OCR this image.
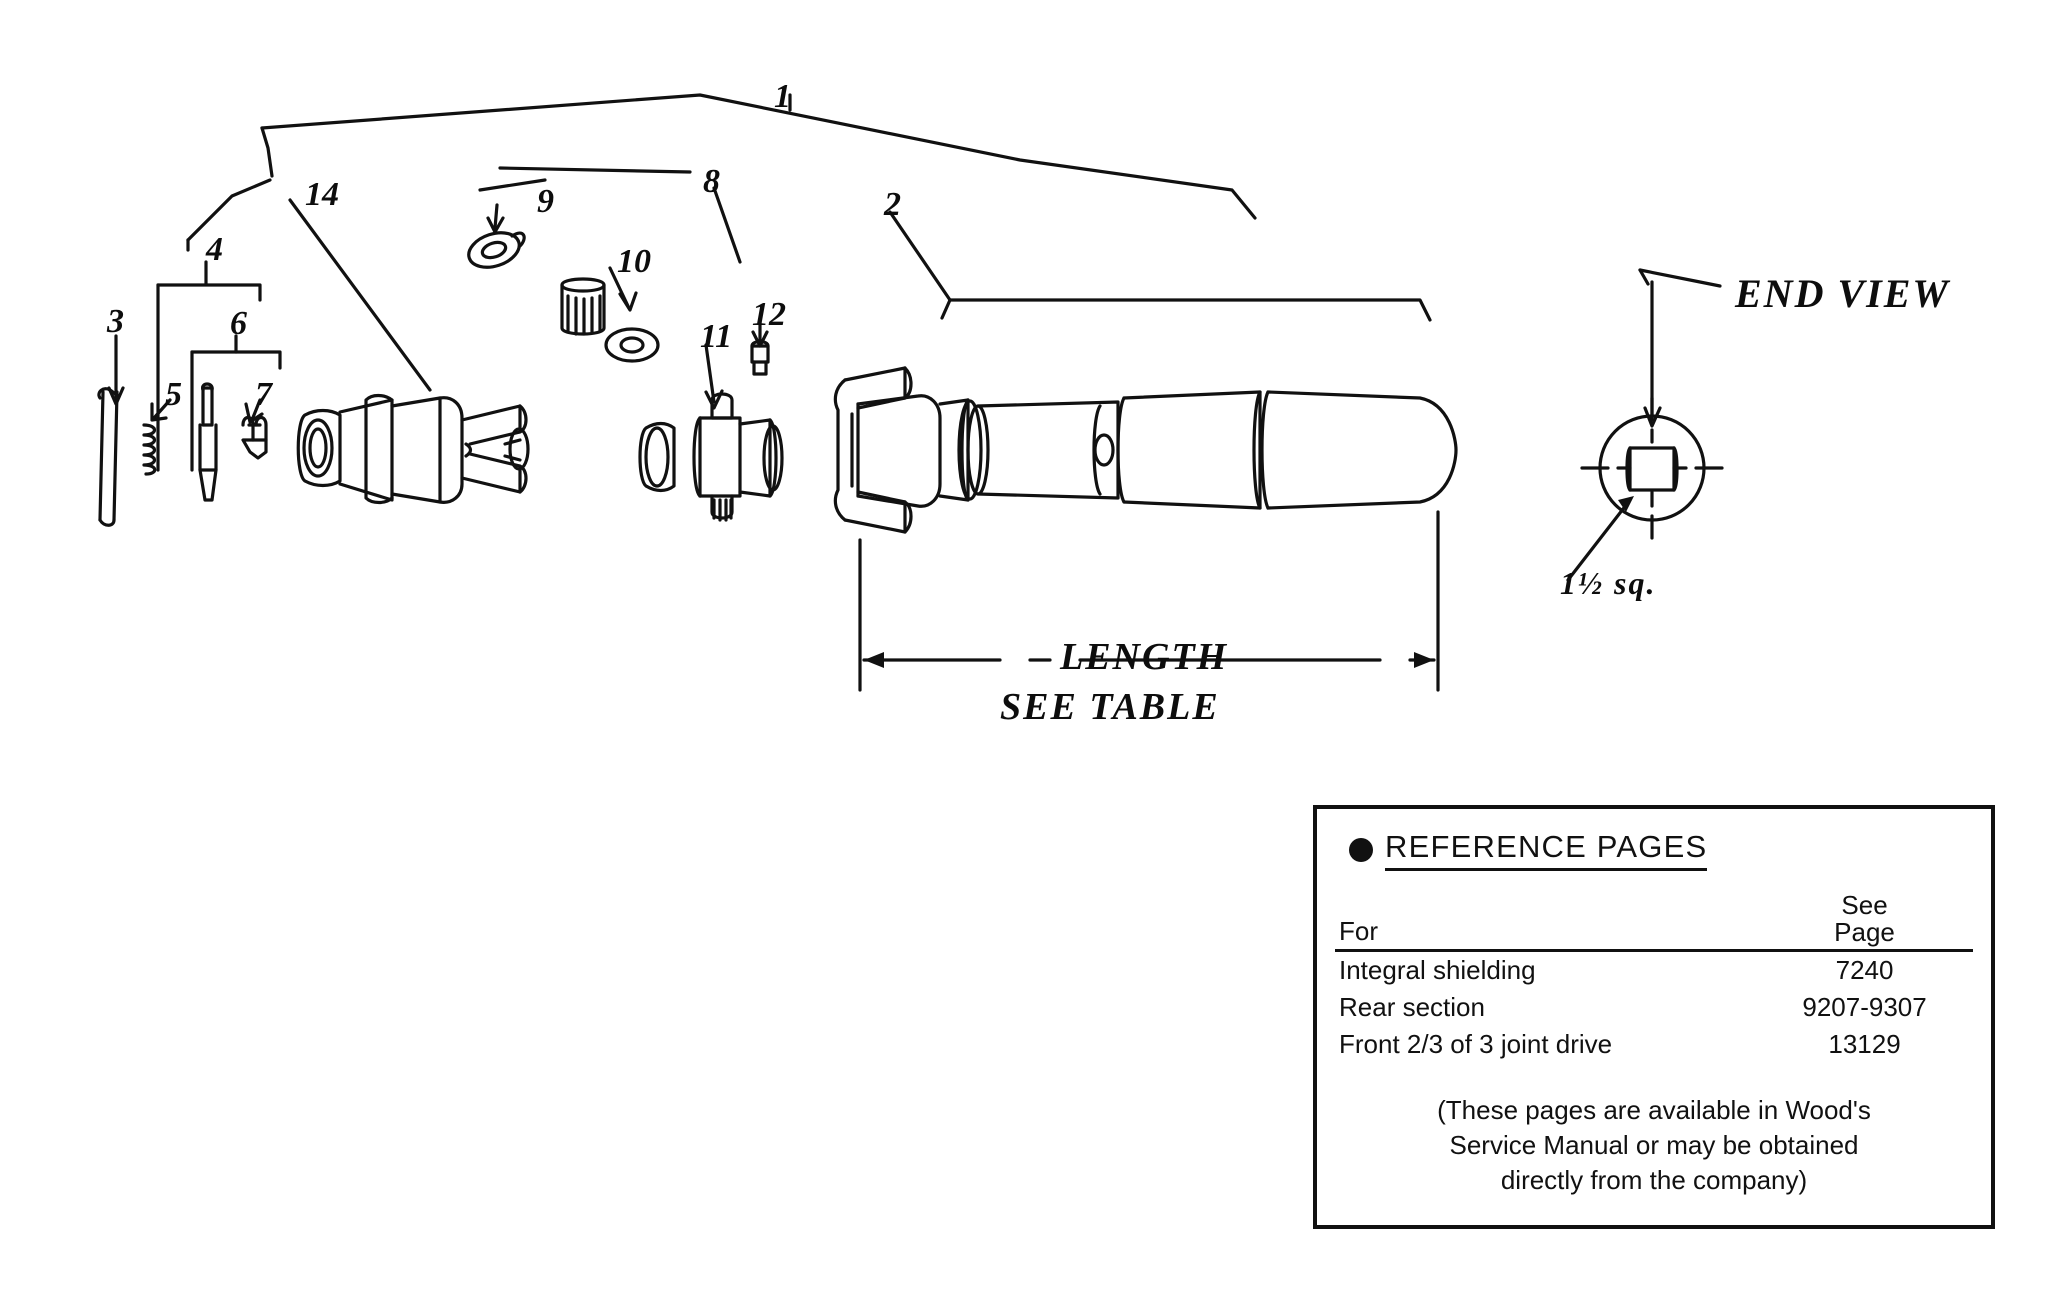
1
14
4
9
8
2
10
3	6	11
12
5 7
END VIEW
1½ sq.
LENGTH
SEE TABLE
REFERENCE PAGES
For	See
Page

Integral shielding	7240
Rear section	9207-9307
Front 2/3 of 3 joint drive	13129
(These pages are available in Wood's
Service Manual or may be obtained
directly from the company)
